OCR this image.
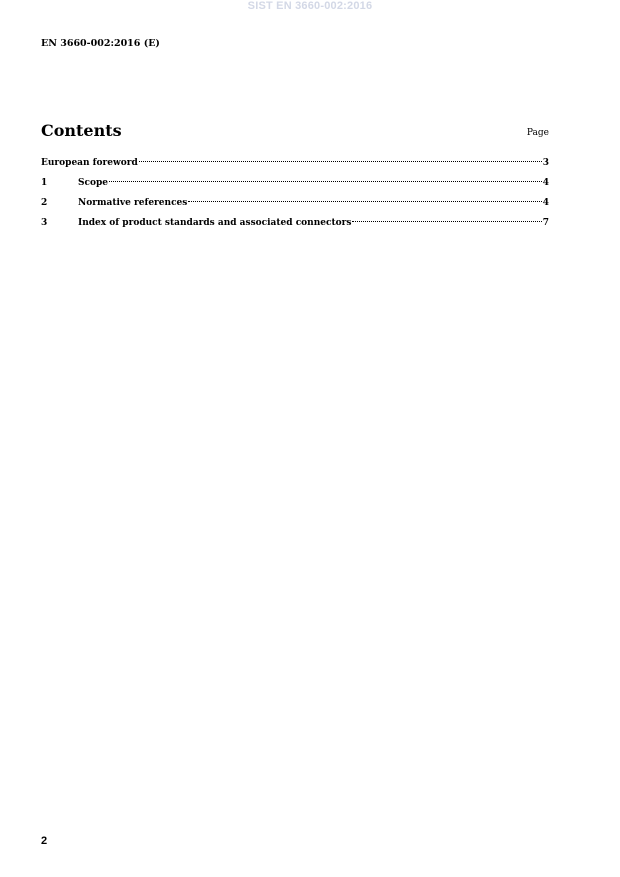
SIST EN 3660-002:2016
EN 3660-002:2016 (E)
Contents	Page
European foreword	3
1	Scope	4
2	Normative references	4
3	Index of product standards and associated connectors	7
2
